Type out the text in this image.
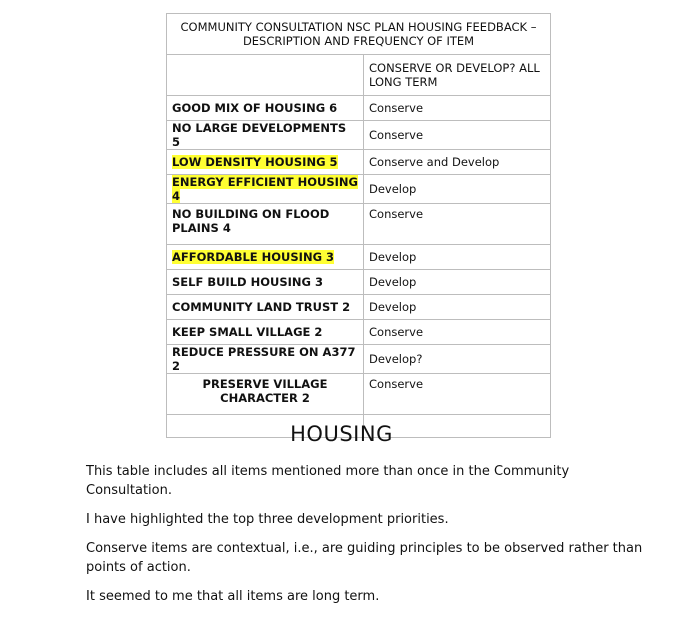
COMMUNITY CONSULTATION NSC PLAN HOUSING FEEDBACK – DESCRIPTION AND FREQUENCY OF ITEM	
	CONSERVE OR DEVELOP? ALL LONG TERM
GOOD MIX OF HOUSING 6	Conserve
NO LARGE DEVELOPMENTS 5	Conserve
LOW DENSITY HOUSING 5	Conserve and Develop
ENERGY EFFICIENT HOUSING 4	Develop
NO BUILDING ON FLOOD PLAINS 4	Conserve
AFFORDABLE HOUSING 3	Develop
SELF BUILD HOUSING 3	Develop
COMMUNITY LAND TRUST 2	Develop
KEEP SMALL VILLAGE 2	Conserve
REDUCE PRESSURE ON A377 2	Develop?
PRESERVE VILLAGE CHARACTER 2	Conserve

HOUSING

This table includes all items mentioned more than once in the Community Consultation.

I have highlighted the top three development priorities.

Conserve items are contextual, i.e., are guiding principles to be observed rather than points of action.

It seemed to me that all items are long term.
